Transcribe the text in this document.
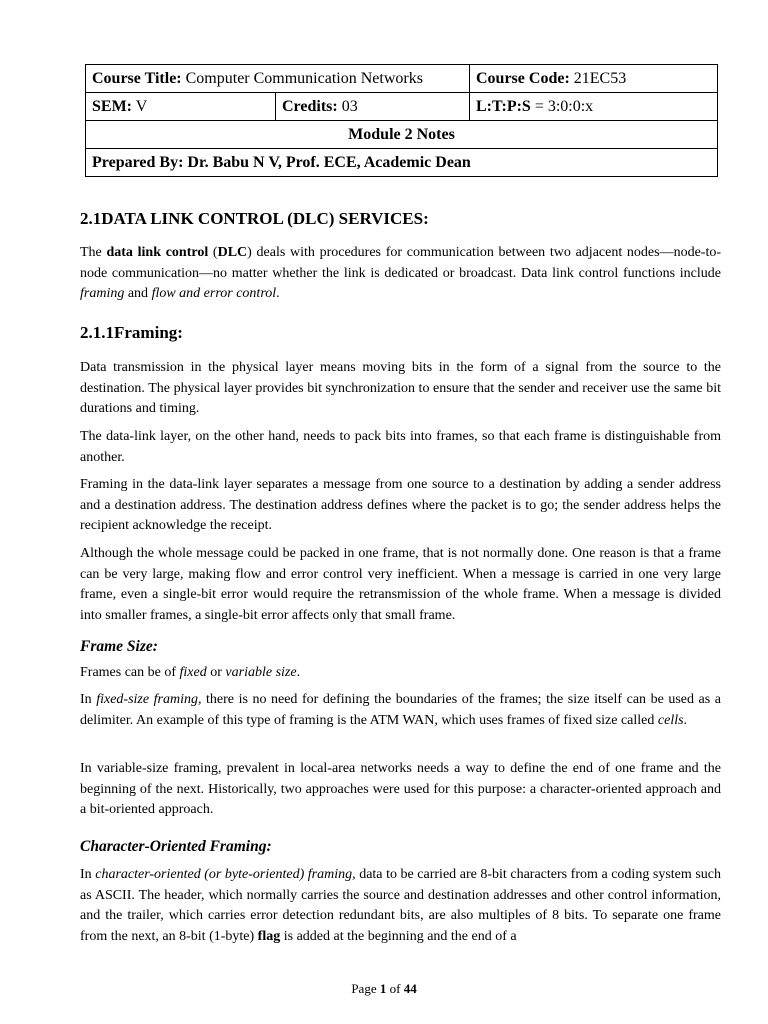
Course Title: Computer Communication Networks		Course Code: 21EC53
SEM: V	Credits: 03	L:T:P:S = 3:0:0:x
Module 2 Notes		
Prepared By: Dr. Babu N V, Prof. ECE, Academic Dean		
2.1DATA LINK CONTROL (DLC) SERVICES:

The data link control (DLC) deals with procedures for communication between two adjacent nodes—node-to-node communication—no matter whether the link is dedicated or broadcast. Data link control functions include framing and flow and error control.

2.1.1Framing:

Data transmission in the physical layer means moving bits in the form of a signal from the source to the destination. The physical layer provides bit synchronization to ensure that the sender and receiver use the same bit durations and timing.

The data-link layer, on the other hand, needs to pack bits into frames, so that each frame is distinguishable from another.

Framing in the data-link layer separates a message from one source to a destination by adding a sender address and a destination address. The destination address defines where the packet is to go; the sender address helps the recipient acknowledge the receipt.

Although the whole message could be packed in one frame, that is not normally done. One reason is that a frame can be very large, making flow and error control very inefficient. When a message is carried in one very large frame, even a single-bit error would require the retransmission of the whole frame. When a message is divided into smaller frames, a single-bit error affects only that small frame.

Frame Size:

Frames can be of fixed or variable size.

In fixed-size framing, there is no need for defining the boundaries of the frames; the size itself can be used as a delimiter. An example of this type of framing is the ATM WAN, which uses frames of fixed size called cells.

In variable-size framing, prevalent in local-area networks needs a way to define the end of one frame and the beginning of the next. Historically, two approaches were used for this purpose: a character-oriented approach and a bit-oriented approach.

Character-Oriented Framing:

In character-oriented (or byte-oriented) framing, data to be carried are 8-bit characters from a coding system such as ASCII. The header, which normally carries the source and destination addresses and other control information, and the trailer, which carries error detection redundant bits, are also multiples of 8 bits. To separate one frame from the next, an 8-bit (1-byte) flag is added at the beginning and the end of a

Page 1 of 44
